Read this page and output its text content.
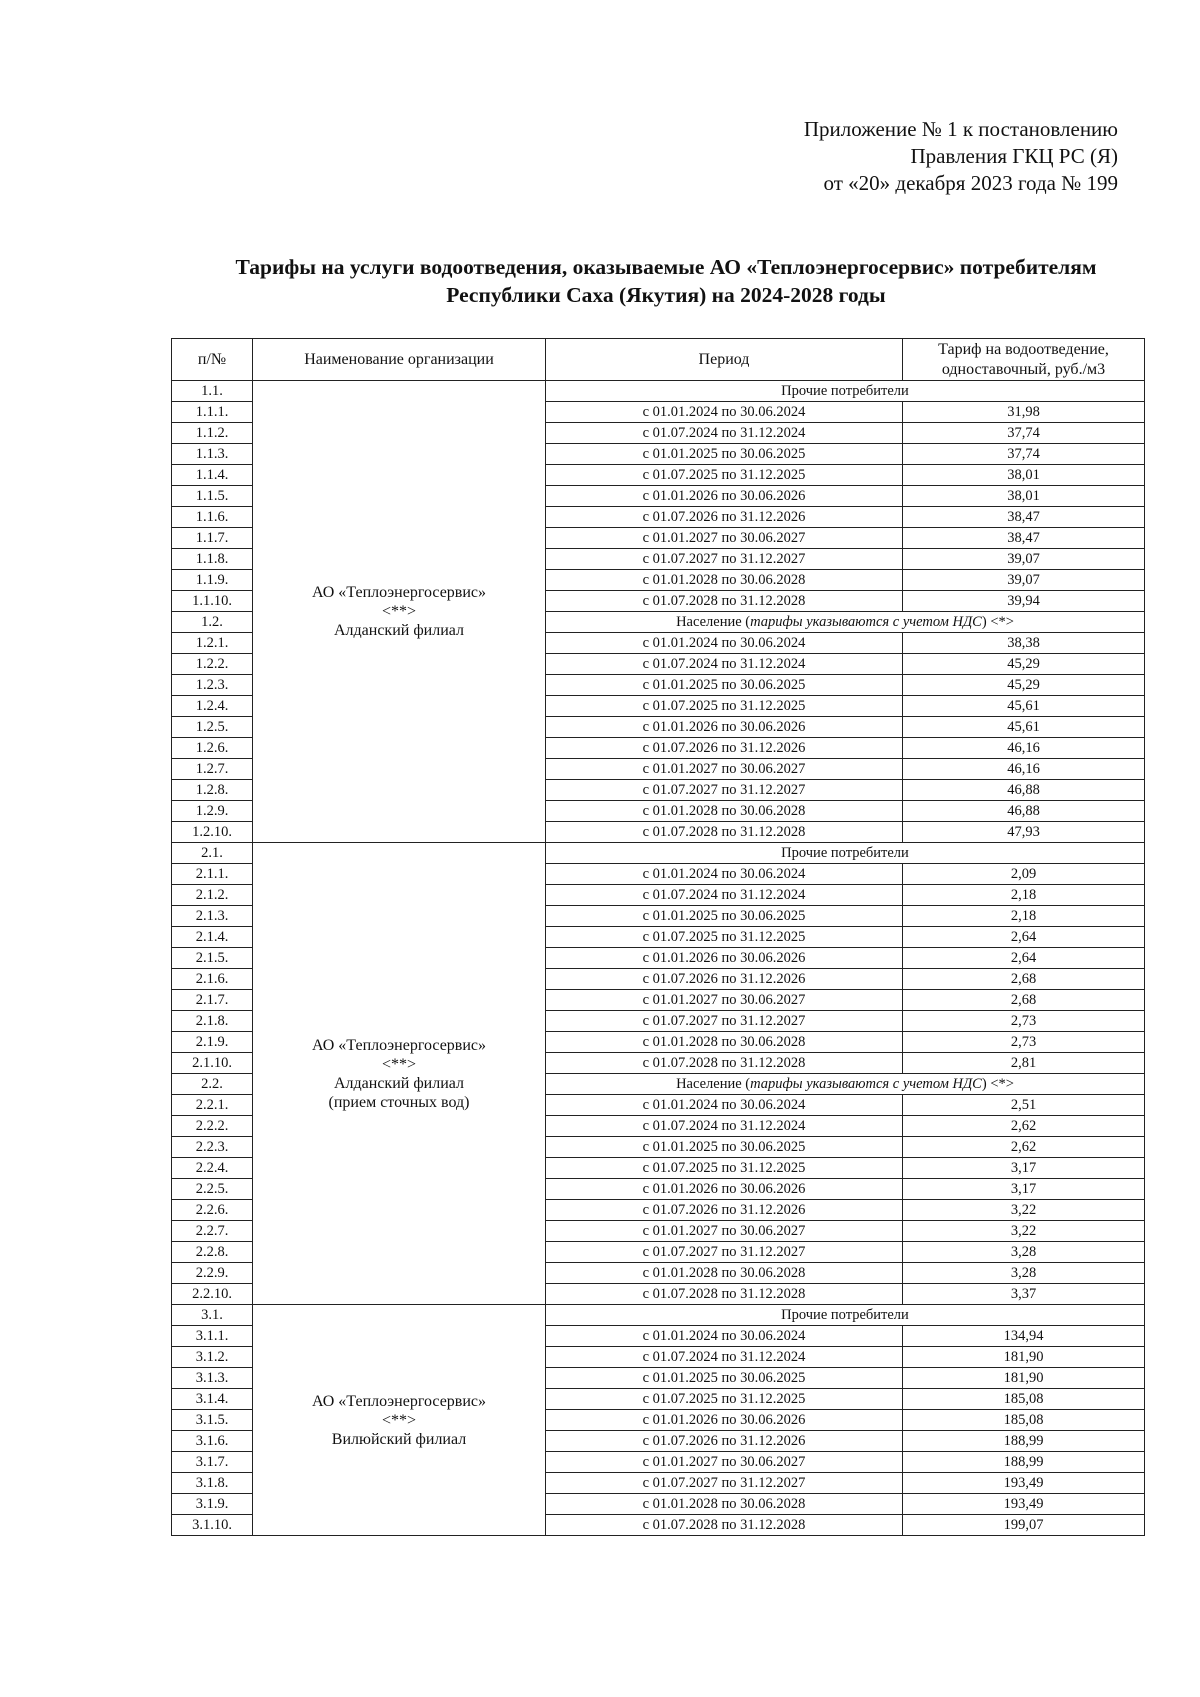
Приложение № 1 к постановлению
Правления ГКЦ РС (Я)
от «20» декабря 2023 года № 199
Тарифы на услуги водоотведения, оказываемые АО «Теплоэнергосервис» потребителям
Республики Саха (Якутия) на 2024-2028 годы
п/№	Наименование организации	Период	Тариф на водоотведение,
одноставочный, руб./м3

1.1.	АО «Теплоэнергосервис»
<**>
Алданский филиал	Прочие потребители	
1.1.1.		с 01.01.2024 по 30.06.2024	31,98
1.1.2.		с 01.07.2024 по 31.12.2024	37,74
1.1.3.		с 01.01.2025 по 30.06.2025	37,74
1.1.4.		с 01.07.2025 по 31.12.2025	38,01
1.1.5.		с 01.01.2026 по 30.06.2026	38,01
1.1.6.		с 01.07.2026 по 31.12.2026	38,47
1.1.7.		с 01.01.2027 по 30.06.2027	38,47
1.1.8.		с 01.07.2027 по 31.12.2027	39,07
1.1.9.		с 01.01.2028 по 30.06.2028	39,07
1.1.10.		с 01.07.2028 по 31.12.2028	39,94
1.2.		Население (тарифы указываются с учетом НДС) <*>	
1.2.1.		с 01.01.2024 по 30.06.2024	38,38
1.2.2.		с 01.07.2024 по 31.12.2024	45,29
1.2.3.		с 01.01.2025 по 30.06.2025	45,29
1.2.4.		с 01.07.2025 по 31.12.2025	45,61
1.2.5.		с 01.01.2026 по 30.06.2026	45,61
1.2.6.		с 01.07.2026 по 31.12.2026	46,16
1.2.7.		с 01.01.2027 по 30.06.2027	46,16
1.2.8.		с 01.07.2027 по 31.12.2027	46,88
1.2.9.		с 01.01.2028 по 30.06.2028	46,88
1.2.10.		с 01.07.2028 по 31.12.2028	47,93
2.1.	АО «Теплоэнергосервис»
<**>
Алданский филиал
(прием сточных вод)	Прочие потребители	
2.1.1.		с 01.01.2024 по 30.06.2024	2,09
2.1.2.		с 01.07.2024 по 31.12.2024	2,18
2.1.3.		с 01.01.2025 по 30.06.2025	2,18
2.1.4.		с 01.07.2025 по 31.12.2025	2,64
2.1.5.		с 01.01.2026 по 30.06.2026	2,64
2.1.6.		с 01.07.2026 по 31.12.2026	2,68
2.1.7.		с 01.01.2027 по 30.06.2027	2,68
2.1.8.		с 01.07.2027 по 31.12.2027	2,73
2.1.9.		с 01.01.2028 по 30.06.2028	2,73
2.1.10.		с 01.07.2028 по 31.12.2028	2,81
2.2.		Население (тарифы указываются с учетом НДС) <*>	
2.2.1.		с 01.01.2024 по 30.06.2024	2,51
2.2.2.		с 01.07.2024 по 31.12.2024	2,62
2.2.3.		с 01.01.2025 по 30.06.2025	2,62
2.2.4.		с 01.07.2025 по 31.12.2025	3,17
2.2.5.		с 01.01.2026 по 30.06.2026	3,17
2.2.6.		с 01.07.2026 по 31.12.2026	3,22
2.2.7.		с 01.01.2027 по 30.06.2027	3,22
2.2.8.		с 01.07.2027 по 31.12.2027	3,28
2.2.9.		с 01.01.2028 по 30.06.2028	3,28
2.2.10.		с 01.07.2028 по 31.12.2028	3,37
3.1.	АО «Теплоэнергосервис»
<**>
Вилюйский филиал	Прочие потребители	
3.1.1.		с 01.01.2024 по 30.06.2024	134,94
3.1.2.		с 01.07.2024 по 31.12.2024	181,90
3.1.3.		с 01.01.2025 по 30.06.2025	181,90
3.1.4.		с 01.07.2025 по 31.12.2025	185,08
3.1.5.		с 01.01.2026 по 30.06.2026	185,08
3.1.6.		с 01.07.2026 по 31.12.2026	188,99
3.1.7.		с 01.01.2027 по 30.06.2027	188,99
3.1.8.		с 01.07.2027 по 31.12.2027	193,49
3.1.9.		с 01.01.2028 по 30.06.2028	193,49
3.1.10.		с 01.07.2028 по 31.12.2028	199,07
